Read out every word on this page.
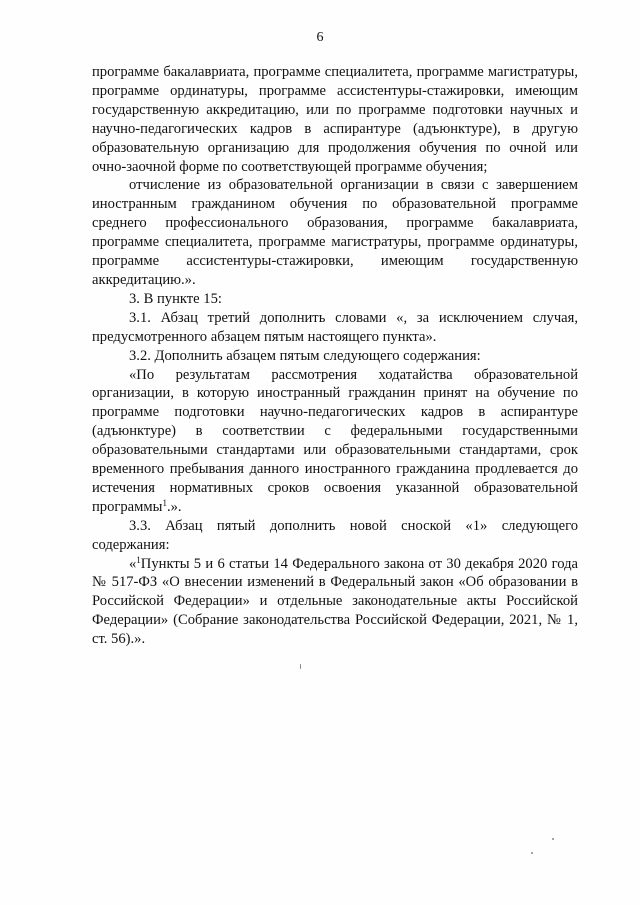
6

программе бакалавриата, программе специалитета, программе магистратуры, программе ординатуры, программе ассистентуры-стажировки, имеющим государственную аккредитацию, или по программе подготовки научных и научно-педагогических кадров в аспирантуре (адъюнктуре), в другую образовательную организацию для продолжения обучения по очной или очно-заочной форме по соответствующей программе обучения;

отчисление из образовательной организации в связи с завершением иностранным гражданином обучения по образовательной программе среднего профессионального образования, программе бакалавриата, программе специалитета, программе магистратуры, программе ординатуры, программе ассистентуры-стажировки, имеющим государственную аккредитацию.».

3. В пункте 15:

3.1. Абзац третий дополнить словами «, за исключением случая, предусмотренного абзацем пятым настоящего пункта».

3.2. Дополнить абзацем пятым следующего содержания:

«По результатам рассмотрения ходатайства образовательной организации, в которую иностранный гражданин принят на обучение по программе подготовки научно-педагогических кадров в аспирантуре (адъюнктуре) в соответствии с федеральными государственными образовательными стандартами или образовательными стандартами, срок временного пребывания данного иностранного гражданина продлевается до истечения нормативных сроков освоения указанной образовательной программы$^1$.».

3.3. Абзац пятый дополнить новой сноской «1» следующего содержания:

«$^1$Пункты 5 и 6 статьи 14 Федерального закона от 30 декабря 2020 года № 517-ФЗ «О внесении изменений в Федеральный закон «Об образовании в Российской Федерации» и отдельные законодательные акты Российской Федерации» (Собрание законодательства Российской Федерации, 2021, № 1, ст. 56).».
